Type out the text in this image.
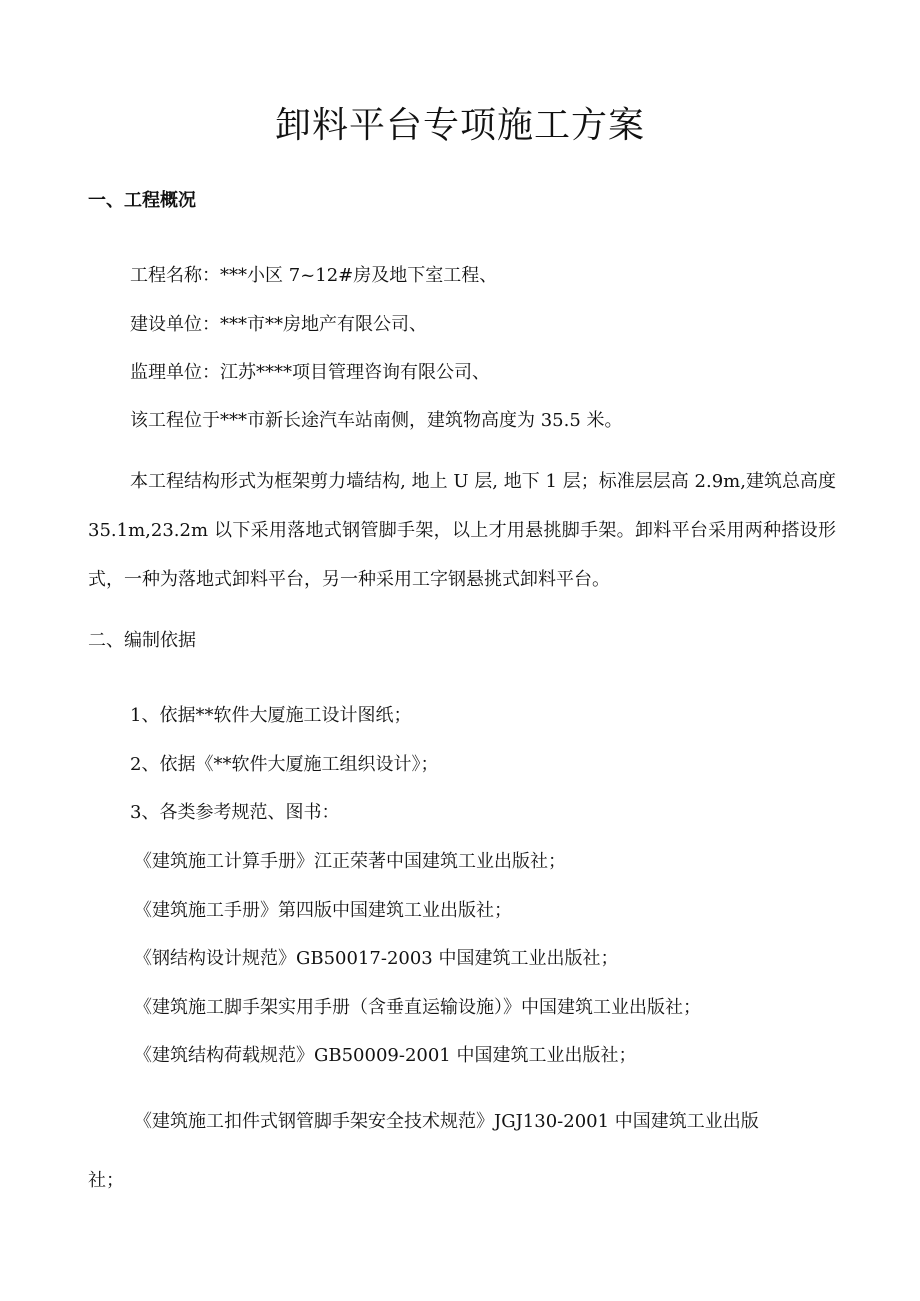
卸料平台专项施工方案

一、工程概况

工程名称：***小区 7~12#房及地下室工程、

建设单位：***市**房地产有限公司、

监理单位：江苏****项目管理咨询有限公司、

该工程位于***市新长途汽车站南侧，建筑物高度为 35.5 米。

本工程结构形式为框架剪力墙结构, 地上 U 层, 地下 1 层；标准层层高 2.9m,建筑总高度 35.1m,23.2m 以下采用落地式钢管脚手架，以上才用悬挑脚手架。卸料平台采用两种搭设形式，一种为落地式卸料平台，另一种采用工字钢悬挑式卸料平台。

二、编制依据

1、依据**软件大厦施工设计图纸；

2、依据《**软件大厦施工组织设计》；

3、各类参考规范、图书：

《建筑施工计算手册》江正荣著中国建筑工业出版社；

《建筑施工手册》第四版中国建筑工业出版社；

《钢结构设计规范》GB50017-2003 中国建筑工业出版社；

《建筑施工脚手架实用手册（含垂直运输设施）》中国建筑工业出版社；

《建筑结构荷载规范》GB50009-2001 中国建筑工业出版社；

《建筑施工扣件式钢管脚手架安全技术规范》JGJ130-2001 中国建筑工业出版社；
